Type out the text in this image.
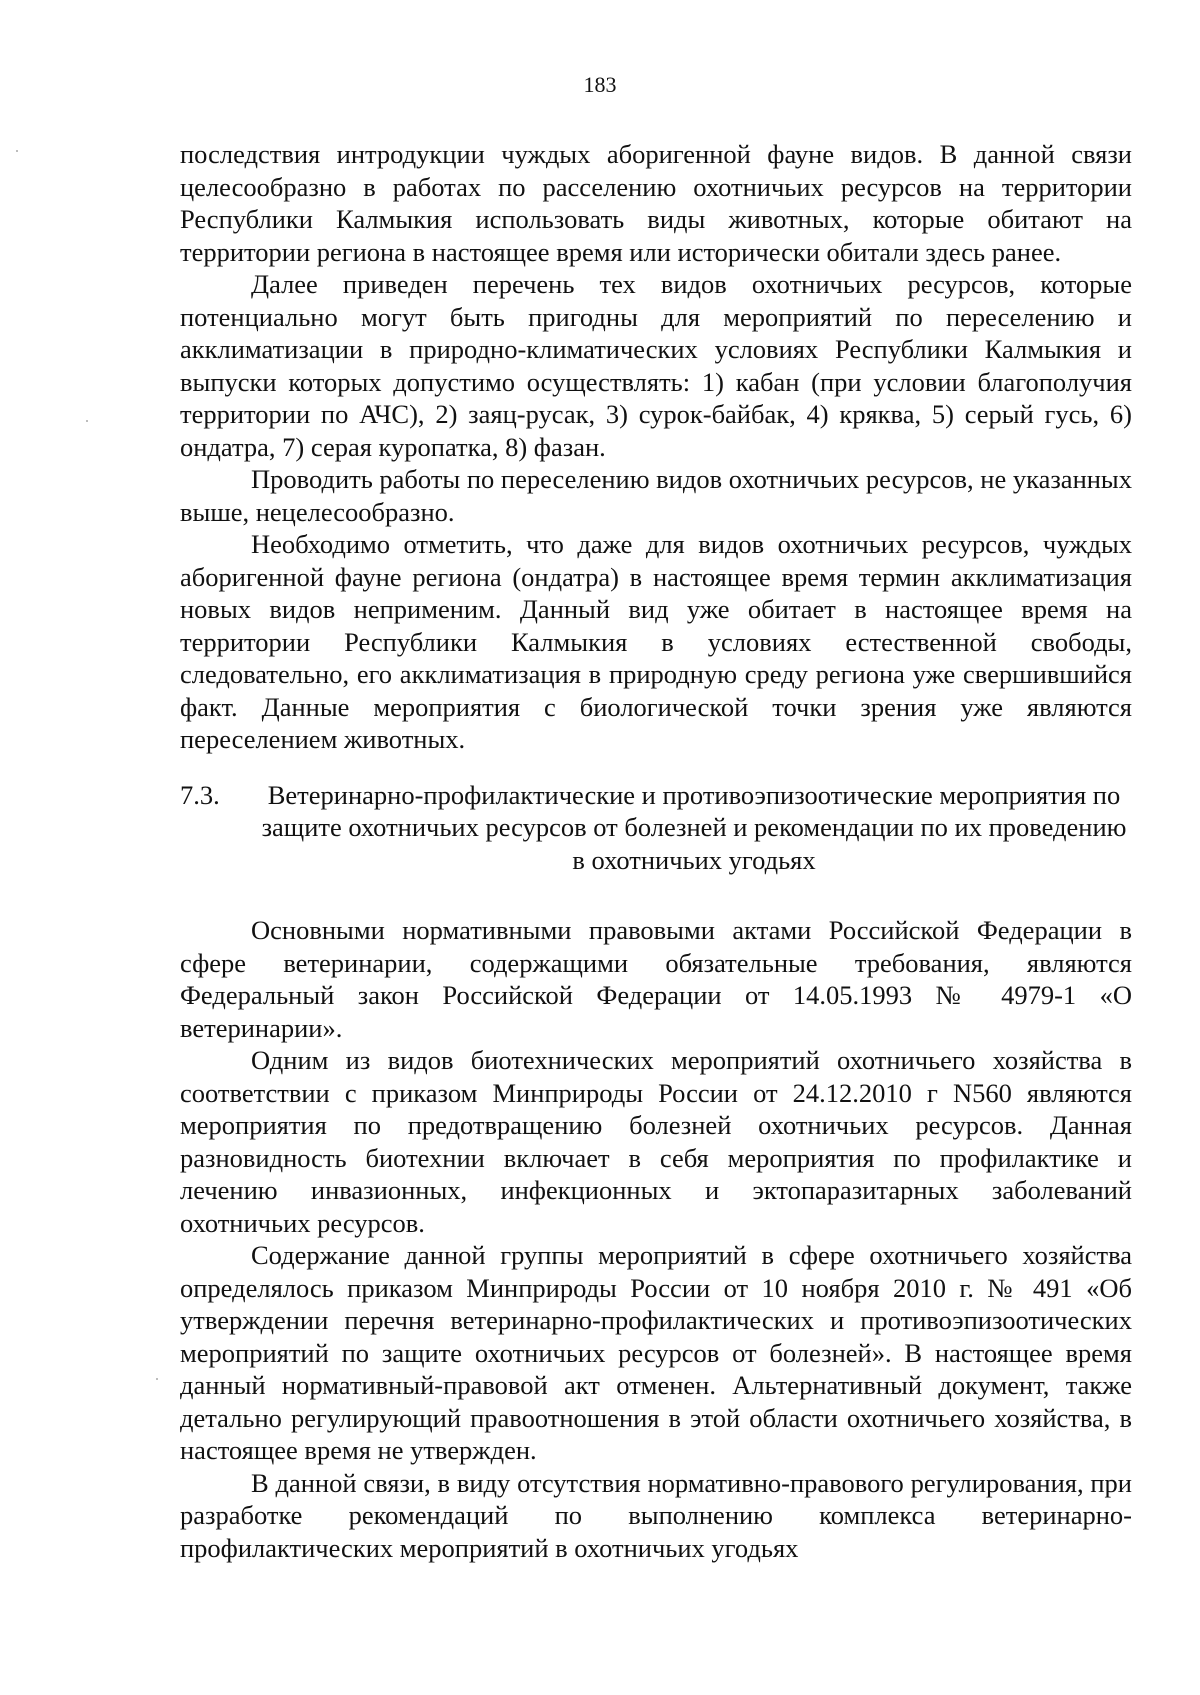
183

последствия интродукции чуждых аборигенной фауне видов. В данной связи целесообразно в работах по расселению охотничьих ресурсов на территории Республики Калмыкия использовать виды животных, которые обитают на территории региона в настоящее время или исторически обитали здесь ранее.

Далее приведен перечень тех видов охотничьих ресурсов, которые потенциально могут быть пригодны для мероприятий по переселению и акклиматизации в природно-климатических условиях Республики Калмыкия и выпуски которых допустимо осуществлять: 1) кабан (при условии благополучия территории по АЧС), 2) заяц-русак, 3) сурок-байбак, 4) кряква, 5) серый гусь, 6) ондатра, 7) серая куропатка, 8) фазан.

Проводить работы по переселению видов охотничьих ресурсов, не указанных выше, нецелесообразно.

Необходимо отметить, что даже для видов охотничьих ресурсов, чуждых аборигенной фауне региона (ондатра) в настоящее время термин акклиматизация новых видов неприменим. Данный вид уже обитает в настоящее время на территории Республики Калмыкия в условиях естественной свободы, следовательно, его акклиматизация в природную среду региона уже свершившийся факт. Данные мероприятия с биологической точки зрения уже являются переселением животных.

7.3.	Ветеринарно-профилактические и противоэпизоотические мероприятия по защите охотничьих ресурсов от болезней и рекомендации по их проведению в охотничьих угодьях

Основными нормативными правовыми актами Российской Федерации в сфере ветеринарии, содержащими обязательные требования, являются Федеральный закон Российской Федерации от 14.05.1993 № 4979-1 «О ветеринарии».

Одним из видов биотехнических мероприятий охотничьего хозяйства в соответствии с приказом Минприроды России от 24.12.2010 г N560 являются мероприятия по предотвращению болезней охотничьих ресурсов. Данная разновидность биотехнии включает в себя мероприятия по профилактике и лечению инвазионных, инфекционных и эктопаразитарных заболеваний охотничьих ресурсов.

Содержание данной группы мероприятий в сфере охотничьего хозяйства определялось приказом Минприроды России от 10 ноября 2010 г. № 491 «Об утверждении перечня ветеринарно-профилактических и противоэпизоотических мероприятий по защите охотничьих ресурсов от болезней». В настоящее время данный нормативный-правовой акт отменен. Альтернативный документ, также детально регулирующий правоотношения в этой области охотничьего хозяйства, в настоящее время не утвержден.

В данной связи, в виду отсутствия нормативно-правового регулирования, при разработке рекомендаций по выполнению комплекса ветеринарно-профилактических мероприятий в охотничьих угодьях
